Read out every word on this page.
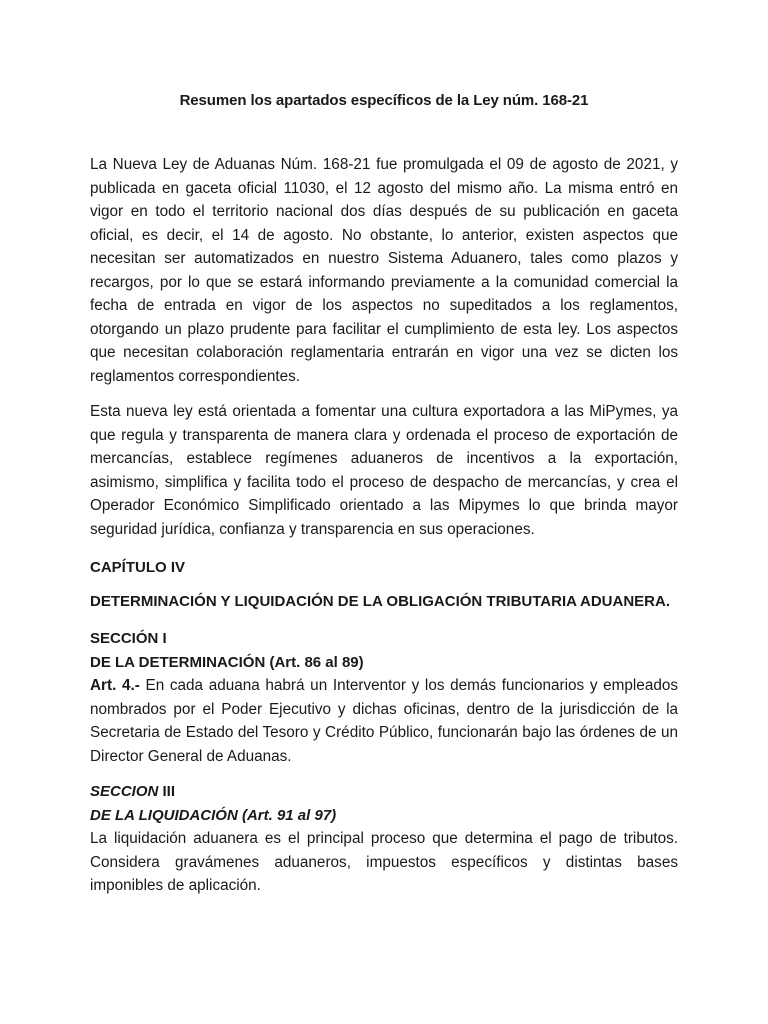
Resumen los apartados específicos de la Ley núm. 168-21

La Nueva Ley de Aduanas Núm. 168-21 fue promulgada el 09 de agosto de 2021, y publicada en gaceta oficial 11030, el 12 agosto del mismo año. La misma entró en vigor en todo el territorio nacional dos días después de su publicación en gaceta oficial, es decir, el 14 de agosto. No obstante, lo anterior, existen aspectos que necesitan ser automatizados en nuestro Sistema Aduanero, tales como plazos y recargos, por lo que se estará informando previamente a la comunidad comercial la fecha de entrada en vigor de los aspectos no supeditados a los reglamentos, otorgando un plazo prudente para facilitar el cumplimiento de esta ley. Los aspectos que necesitan colaboración reglamentaria entrarán en vigor una vez se dicten los reglamentos correspondientes.

Esta nueva ley está orientada a fomentar una cultura exportadora a las MiPymes, ya que regula y transparenta de manera clara y ordenada el proceso de exportación de mercancías, establece regímenes aduaneros de incentivos a la exportación, asimismo, simplifica y facilita todo el proceso de despacho de mercancías, y crea el Operador Económico Simplificado orientado a las Mipymes lo que brinda mayor seguridad jurídica, confianza y transparencia en sus operaciones.

CAPÍTULO IV
DETERMINACIÓN Y LIQUIDACIÓN DE LA OBLIGACIÓN TRIBUTARIA ADUANERA.
SECCIÓN I
DE LA DETERMINACIÓN (Art. 86 al 89)

Art. 4.- En cada aduana habrá un Interventor y los demás funcionarios y empleados nombrados por el Poder Ejecutivo y dichas oficinas, dentro de la jurisdicción de la Secretaria de Estado del Tesoro y Crédito Público, funcionarán bajo las órdenes de un Director General de Aduanas.

SECCION III
DE LA LIQUIDACIÓN (Art. 91 al 97)

La liquidación aduanera es el principal proceso que determina el pago de tributos. Considera gravámenes aduaneros, impuestos específicos y distintas bases imponibles de aplicación.
